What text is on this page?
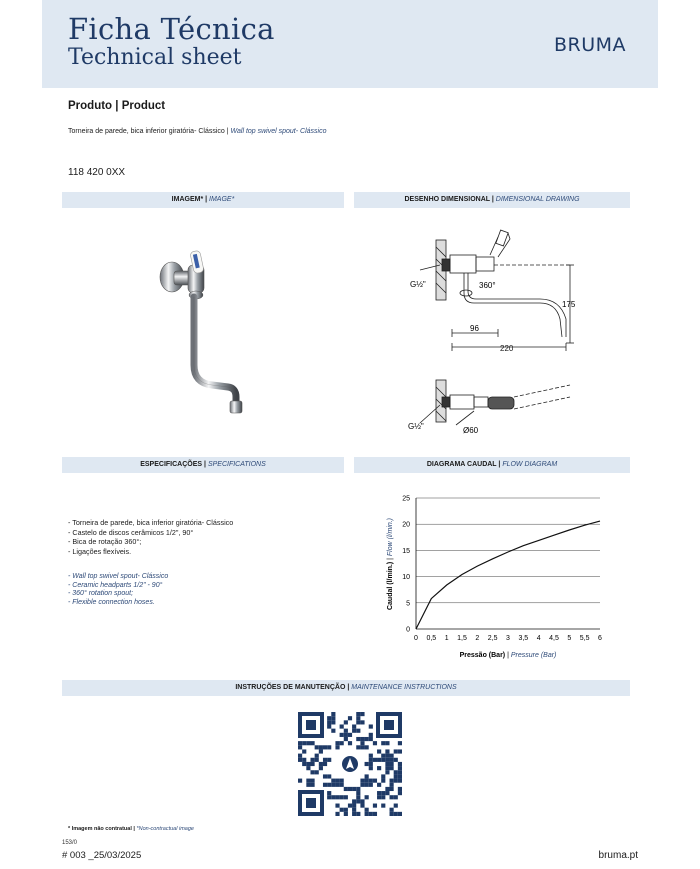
Ficha Técnica
Technical sheet	BRUMA
Produto | Product
Torneira de parede, bica inferior giratória- Clássico | Wall top swivel spout- Clássico
118 420 0XX
IMAGEM* | IMAGE*	DESENHO DIMENSIONAL | DIMENSIONAL DRAWING
G½"	360°
175
96
220
G½"	Ø60
ESPECIFICAÇÕES | SPECIFICATIONS	DIAGRAMA CAUDAL | FLOW DIAGRAM
- Torneira de parede, bica inferior giratória- Clássico
- Castelo de discos cerâmicos 1/2", 90°
- Bica de rotação 360°;
- Ligações flexíveis.
- Wall top swivel spout- Clássico
- Ceramic headparts 1/2" - 90°
- 360° rotation spout;
- Flexible connection hoses.
0
5
10
15
20
25
0 0,5 1 1,5 2 2,5 3 3,5 4 4,5 5 5,5 6
Pressão (Bar) | Pressure (Bar)
Caudal (l/min.) | Flow (l/min.)
INSTRUÇÕES DE MANUTENÇÃO | MAINTENANCE INSTRUCTIONS
* Imagem não contratual | *Non-contractual image
153/0
# 003 _25/03/2025	bruma.pt
